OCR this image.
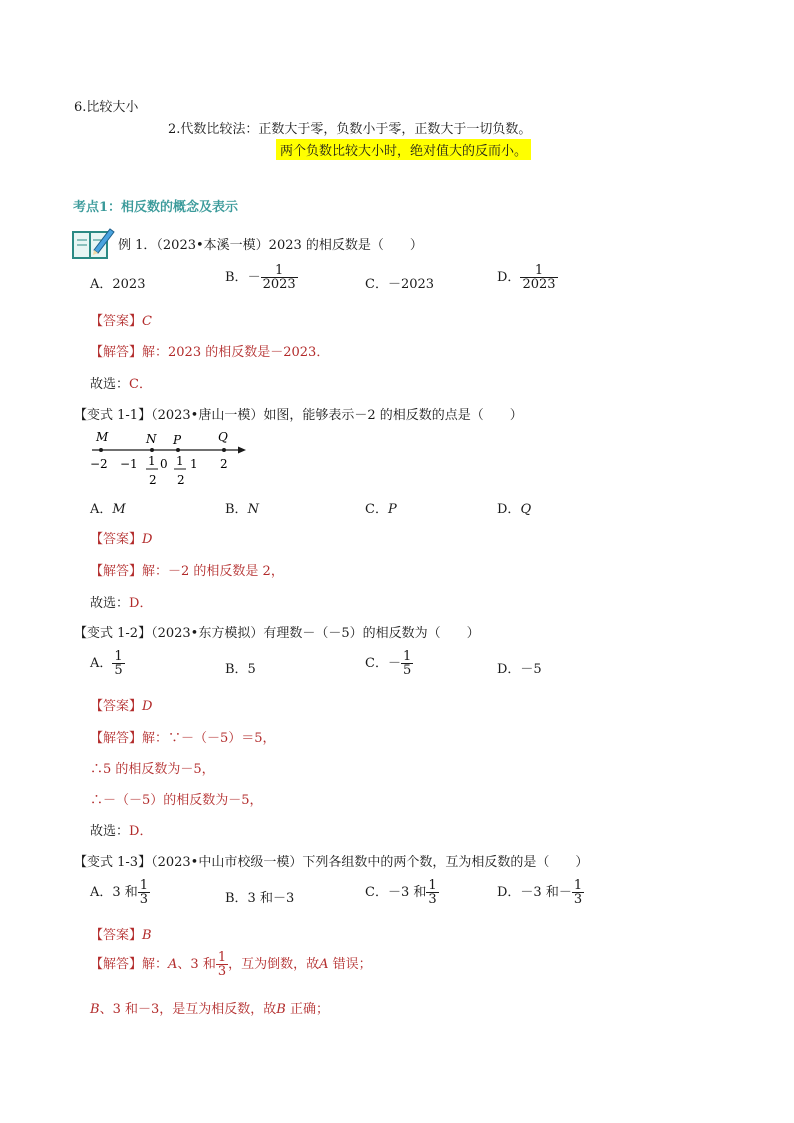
6.比较大小
2.代数比较法：正数大于零，负数小于零，正数大于一切负数。
两个负数比较大小时，绝对值大的反而小。
考点1：相反数的概念及表示
例 1．（2023•本溪一模）2023 的相反数是（　　）
A．2023	B．－ $\frac{1}{2023}$	C．－2023	D． $\frac{1}{2023}$
【答案】C
【解答】解：2023 的相反数是－2023．
故选：C．
【变式 1-1】（2023•唐山一模）如图，能够表示－2 的相反数的点是（　　）
M	N P	Q
−2 −1 1
2
0 1
2
1 2
A．M	B．N	C．P	D．Q
【答案】D
【解答】解：－2 的相反数是 2，
故选：D．
【变式 1-2】（2023•东方模拟）有理数－（－5）的相反数为（　　）
A． $\frac{1}{5}$	B．5	C．－ $\frac{1}{5}$	D．－5
【答案】D
【解答】解：∵－（－5）＝5，
∴5 的相反数为－5，
∴－（－5）的相反数为－5，
故选：D．
【变式 1-3】（2023•中山市校级一模）下列各组数中的两个数，互为相反数的是（　　）
A．3 和 $\frac{1}{3}$	B．3 和－3	C．－3 和 $\frac{1}{3}$	D．－3 和－ $\frac{1}{3}$
【答案】B
【解答】解：A、3 和 $\frac{1}{3}$ ，互为倒数，故A 错误；
B、3 和－3，是互为相反数，故B 正确；
